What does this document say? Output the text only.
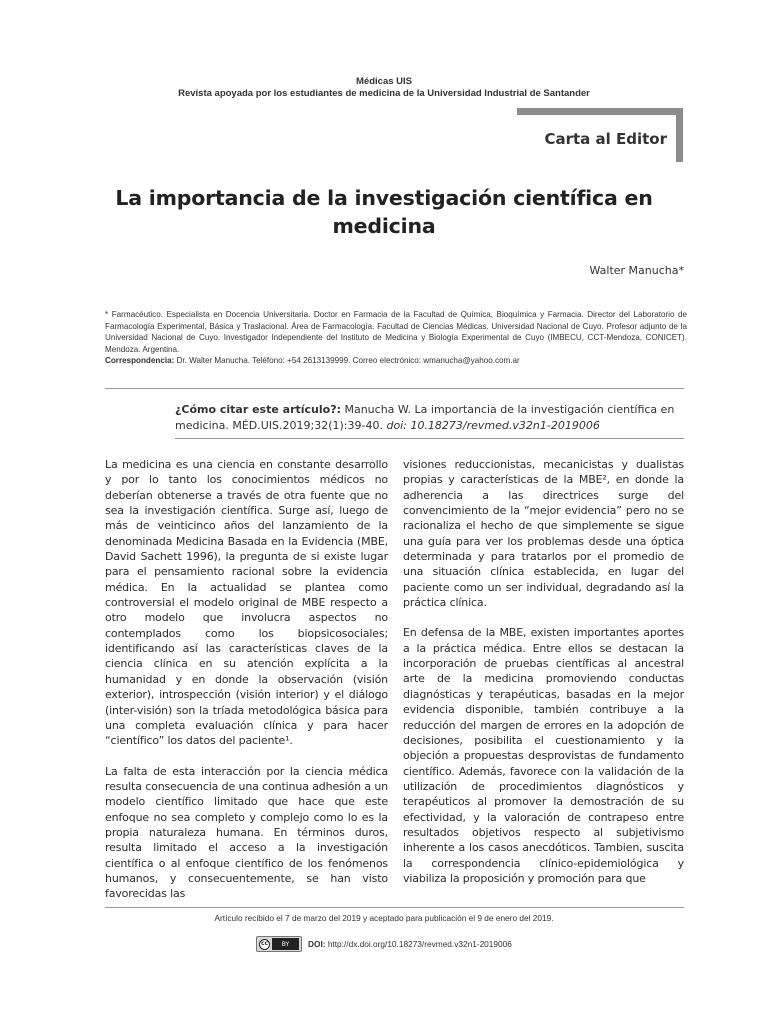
Médicas UIS
Revista apoyada por los estudiantes de medicina de la Universidad Industrial de Santander
Carta al Editor
La importancia de la investigación científica en medicina
Walter Manucha*
* Farmacéutico. Especialista en Docencia Universitaria. Doctor en Farmacia de la Facultad de Química, Bioquímica y Farmacia. Director del Laboratorio de Farmacología Experimental, Básica y Traslacional. Área de Farmacología. Facultad de Ciencias Médicas. Universidad Nacional de Cuyo. Profesor adjunto de la Universidad Nacional de Cuyo. Investigador Independiente del Instituto de Medicina y Biología Experimental de Cuyo (IMBECU, CCT-Mendoza, CONICET). Mendoza. Argentina.
Correspondencia: Dr. Walter Manucha. Teléfono: +54 2613139999. Correo electrónico: wmanucha@yahoo.com.ar
¿Cómo citar este artículo?: Manucha W. La importancia de la investigación científica en medicina. MÉD.UIS.2019;32(1):39-40. doi: 10.18273/revmed.v32n1-2019006

La medicina es una ciencia en constante desarrollo y por lo tanto los conocimientos médicos no deberían obtenerse a través de otra fuente que no sea la investigación científica. Surge así, luego de más de veinticinco años del lanzamiento de la denominada Medicina Basada en la Evidencia (MBE, David Sachett 1996), la pregunta de si existe lugar para el pensamiento racional sobre la evidencia médica. En la actualidad se plantea como controversial el modelo original de MBE respecto a otro modelo que involucra aspectos no contemplados como los biopsicosociales; identificando así las características claves de la ciencia clínica en su atención explícita a la humanidad y en donde la observación (visión exterior), introspección (visión interior) y el diálogo (inter-visión) son la tríada metodológica básica para una completa evaluación clínica y para hacer “científico” los datos del paciente¹.

La falta de esta interacción por la ciencia médica resulta consecuencia de una continua adhesión a un modelo científico limitado que hace que este enfoque no sea completo y complejo como lo es la propia naturaleza humana. En términos duros, resulta limitado el acceso a la investigación científica o al enfoque científico de los fenómenos humanos, y consecuentemente, se han visto favorecidas las

visiones reduccionistas, mecanicistas y dualistas propias y características de la MBE², en donde la adherencia a las directrices surge del convencimiento de la “mejor evidencia” pero no se racionaliza el hecho de que simplemente se sigue una guía para ver los problemas desde una óptica determinada y para tratarlos por el promedio de una situación clínica establecida, en lugar del paciente como un ser individual, degradando así la práctica clínica.

En defensa de la MBE, existen importantes aportes a la práctica médica. Entre ellos se destacan la incorporación de pruebas científicas al ancestral arte de la medicina promoviendo conductas diagnósticas y terapéuticas, basadas en la mejor evidencia disponible, también contribuye a la reducción del margen de errores en la adopción de decisiones, posibilita el cuestionamiento y la objeción a propuestas desprovistas de fundamento científico. Además, favorece con la validación de la utilización de procedimientos diagnósticos y terapéuticos al promover la demostración de su efectividad, y la valoración de contrapeso entre resultados objetivos respecto al subjetivismo inherente a los casos anecdóticos. Tambien, suscita la correspondencia clínico-epidemiológica y viabiliza la proposición y promoción para que

Artículo recibido el 7 de marzo del 2019 y aceptado para publicación el 9 de enero del 2019.
cc	BY	DOI: http://dx.doi.org/10.18273/revmed.v32n1-2019006
